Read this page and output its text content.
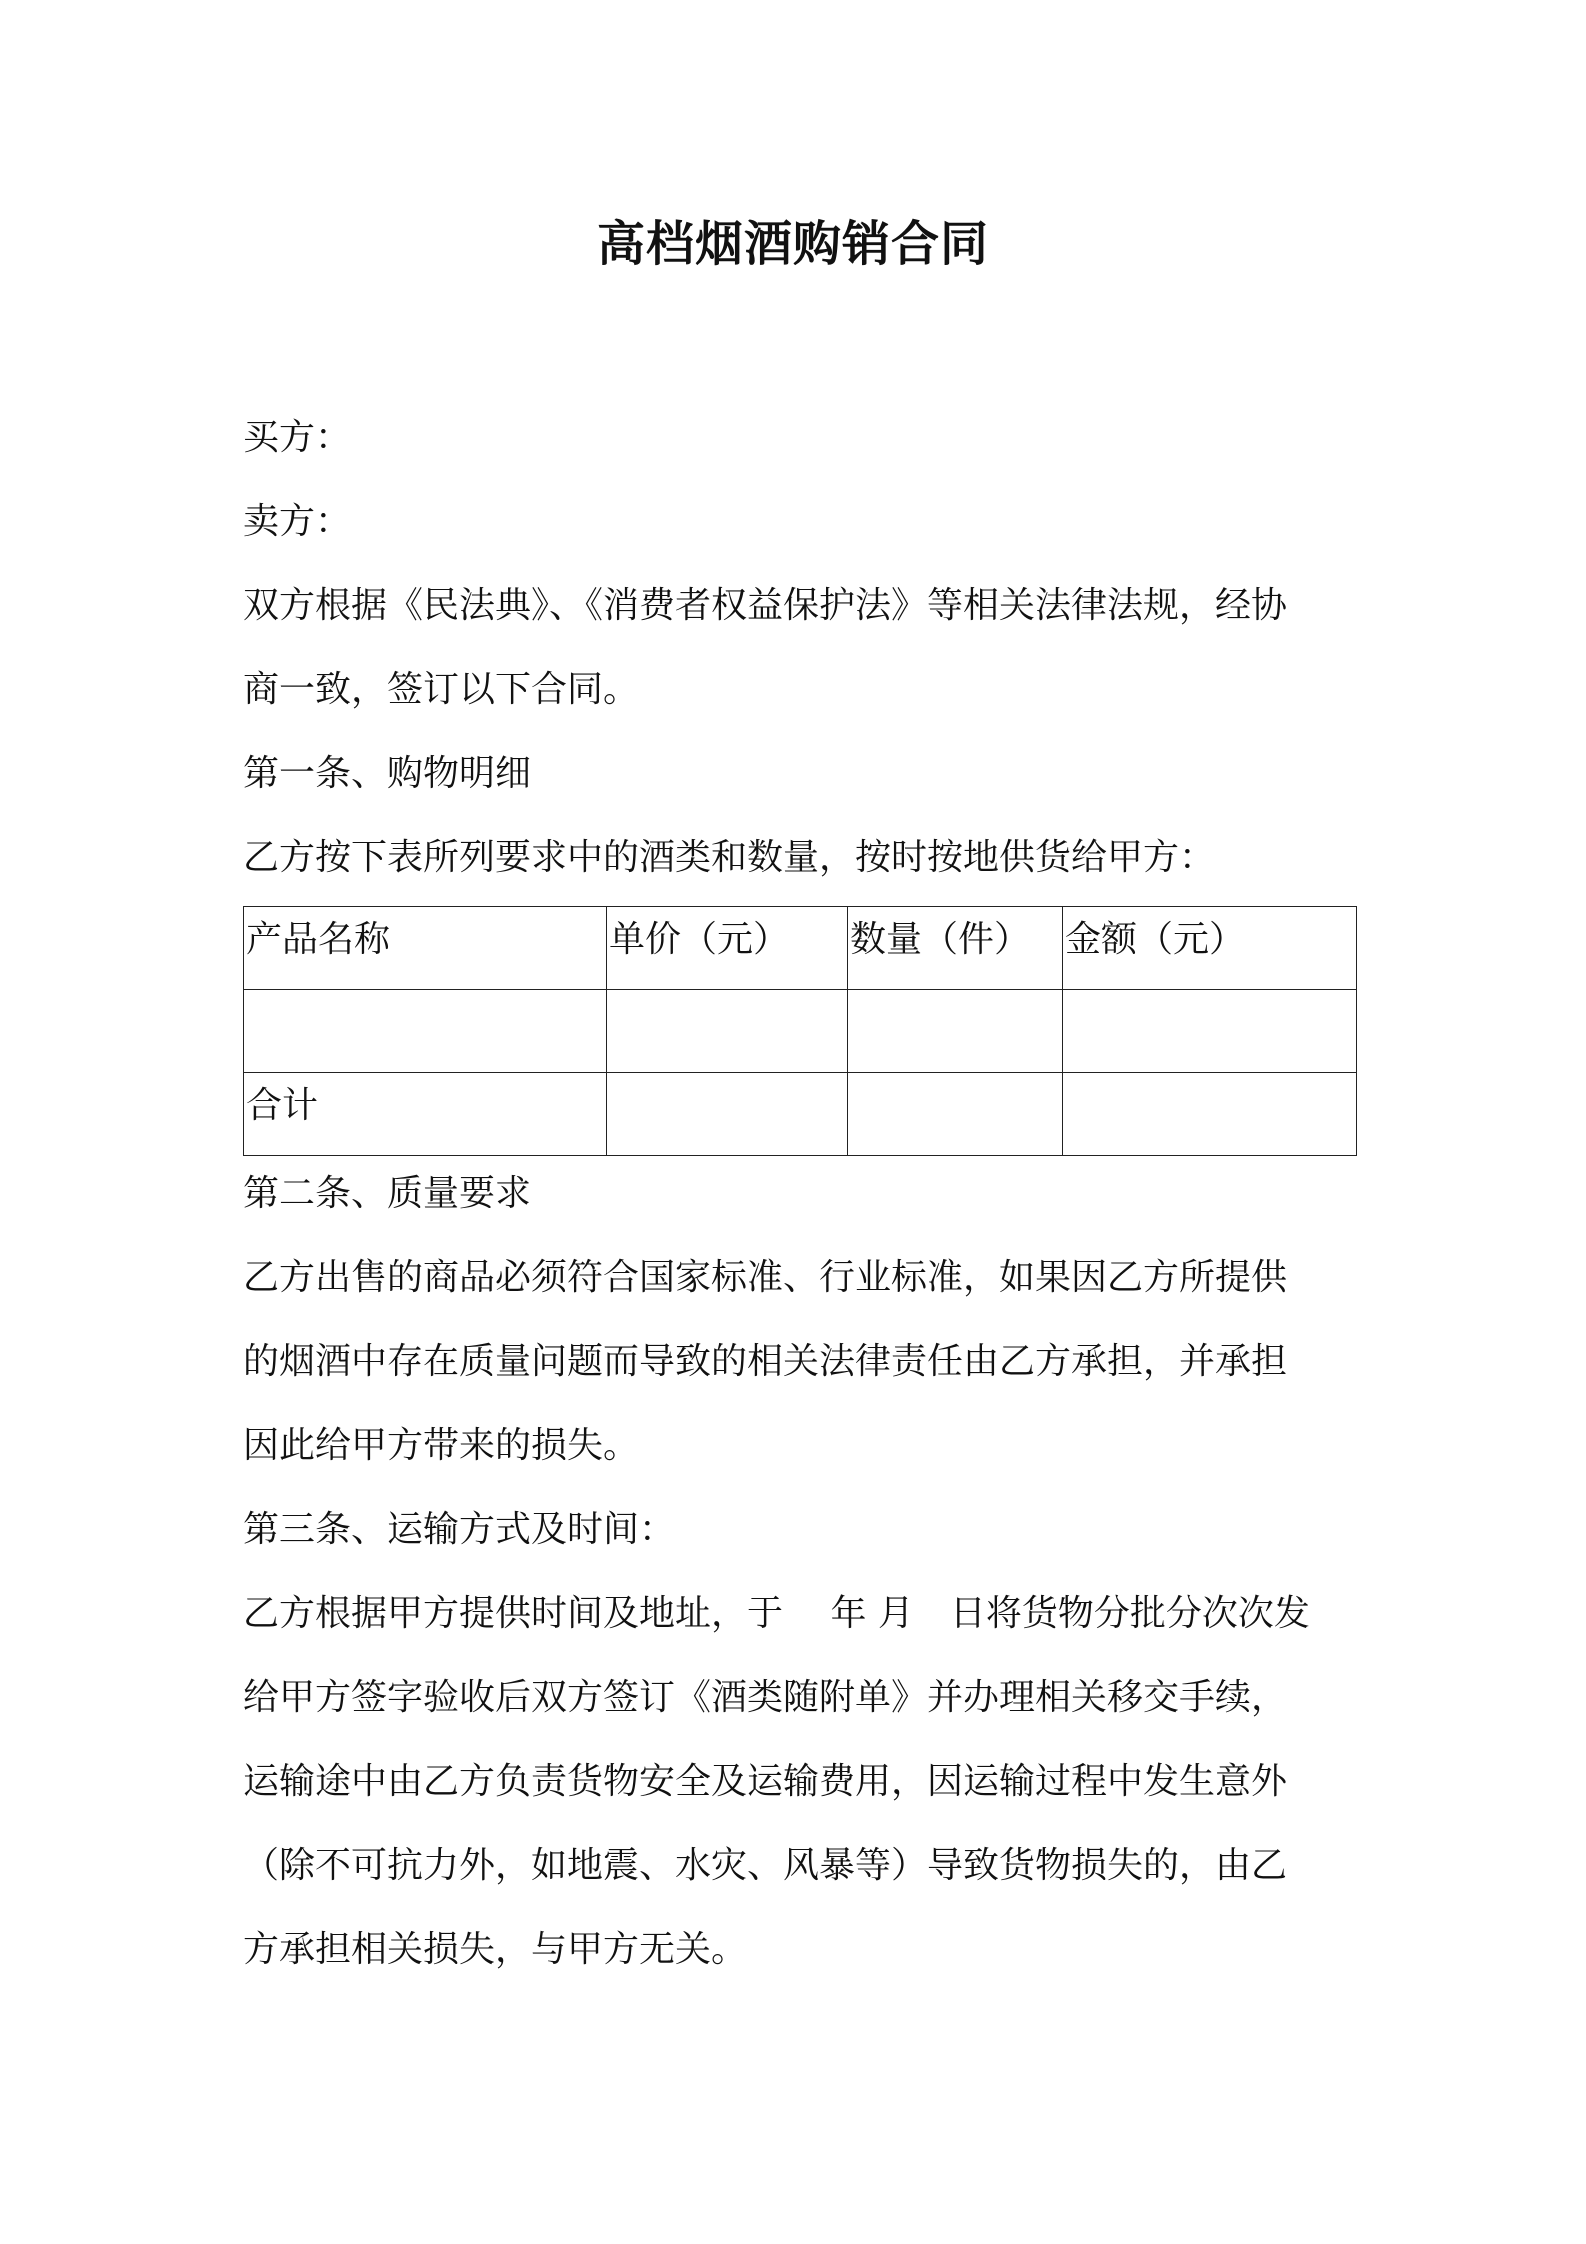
高档烟酒购销合同
买方：
卖方：
双方根据《民法典》、《消费者权益保护法》等相关法律法规，经协
商一致，签订以下合同。
第一条、购物明细
乙方按下表所列要求中的酒类和数量，按时按地供货给甲方：
产品名称	单价（元）	数量（件）	金额（元）

合计			
第二条、质量要求
乙方出售的商品必须符合国家标准、行业标准，如果因乙方所提供
的烟酒中存在质量问题而导致的相关法律责任由乙方承担，并承担
因此给甲方带来的损失。
第三条、运输方式及时间：
乙方根据甲方提供时间及地址，于　 年 月　日将货物分批分次次发
给甲方签字验收后双方签订《酒类随附单》并办理相关移交手续，
运输途中由乙方负责货物安全及运输费用，因运输过程中发生意外
（除不可抗力外，如地震、水灾、风暴等）导致货物损失的，由乙
方承担相关损失，与甲方无关。
